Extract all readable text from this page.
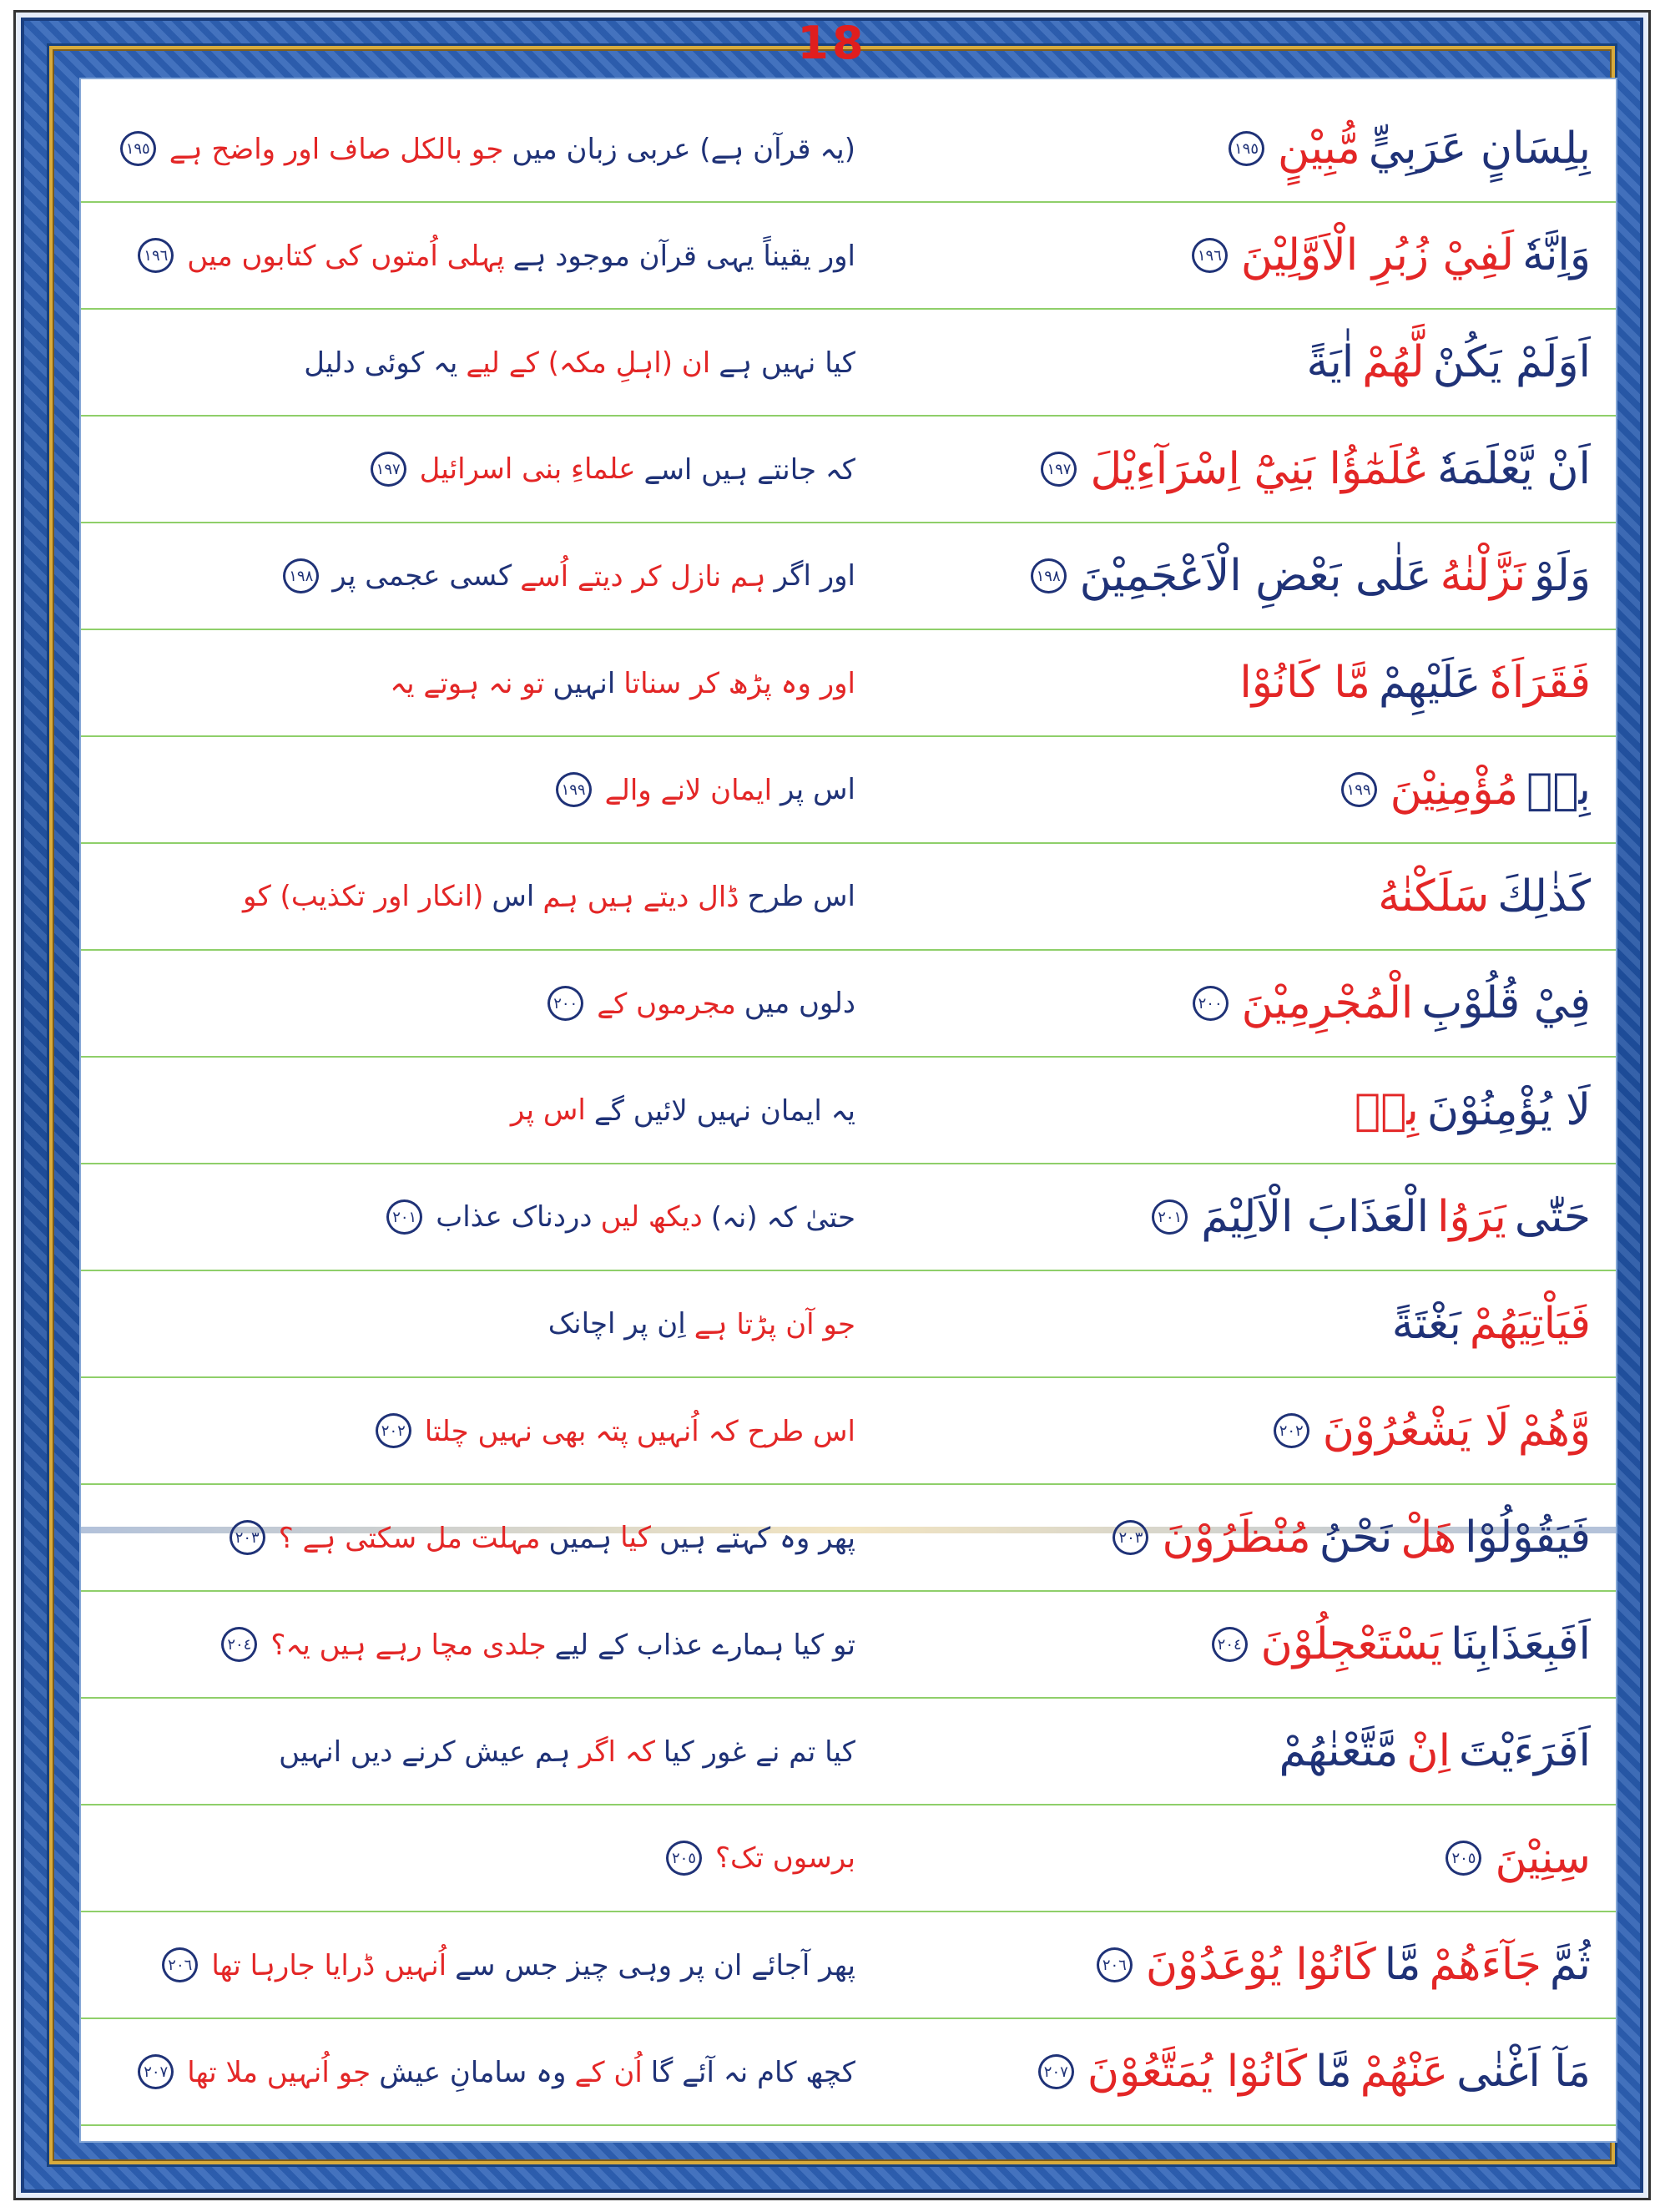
18
بِلِسَانٍ عَرَبِيٍّ
مُّبِيْنٍ
١٩٥
(یہ قرآن ہے) عربی زبان میں
جو بالکل صاف اور واضح ہے
١٩٥
وَاِنَّهٗ
لَفِيْ زُبُرِ الْاَوَّلِيْنَ
١٩٦
اور یقیناً یہی قرآن موجود ہے
پہلی اُمتوں کی کتابوں میں
١٩٦
اَوَلَمْ يَكُنْ
لَّهُمْ
اٰيَةً
کیا نہیں ہے
ان (اہلِ مکہ) کے لیے
یہ کوئی دلیل
اَنْ يَّعْلَمَهٗ
عُلَمٰٓؤُا بَنِيْٓ اِسْرَآءِيْلَ
١٩٧
کہ جانتے ہیں اسے
علماءِ بنی اسرائیل
١٩٧
وَلَوْ
نَزَّلْنٰهُ
عَلٰى بَعْضِ الْاَعْجَمِيْنَ
١٩٨
اور اگر
ہم نازل کر دیتے اُسے
کسی عجمی پر
١٩٨
فَقَرَاَهٗ
عَلَيْهِمْ
مَّا كَانُوْا
اور وہ پڑھ کر سناتا
انہیں
تو نہ ہوتے یہ
بِهٖ
مُؤْمِنِيْنَ
١٩٩
اس پر
ایمان لانے والے
١٩٩
كَذٰلِكَ
سَلَكْنٰهُ
اس طرح
ڈال دیتے ہیں ہم
اس
(انکار اور تکذیب) کو
فِيْ قُلُوْبِ
الْمُجْرِمِيْنَ
٢٠٠
دلوں میں
مجرموں کے
٢٠٠
لَا يُؤْمِنُوْنَ
بِهٖ
یہ ایمان نہیں لائیں گے
اس پر
حَتّٰى
يَرَوُا
الْعَذَابَ الْاَلِيْمَ
٢٠١
حتیٰ کہ (نہ)
دیکھ لیں
دردناک عذاب
٢٠١
فَيَاْتِيَهُمْ
بَغْتَةً
جو آن پڑتا ہے
اِن پر اچانک
وَّهُمْ
لَا يَشْعُرُوْنَ
٢٠٢
اس طرح کہ اُنہیں
پتہ بھی نہیں چلتا
٢٠٢
فَيَقُوْلُوْا
هَلْ
نَحْنُ
مُنْظَرُوْنَ
٢٠٣
پھر وہ کہتے ہیں
کیا
ہمیں
مہلت مل سکتی ہے ؟
٢٠٣
اَفَبِعَذَابِنَا
يَسْتَعْجِلُوْنَ
٢٠٤
تو کیا ہمارے عذاب کے لیے
جلدی مچا رہے ہیں یہ؟
٢٠٤
اَفَرَءَيْتَ
اِنْ
مَّتَّعْنٰهُمْ
کیا تم نے غور کیا
کہ اگر
ہم عیش کرنے دیں انہیں
سِنِيْنَ
٢٠٥
برسوں تک؟
٢٠٥
ثُمَّ
جَآءَهُمْ
مَّا
كَانُوْا يُوْعَدُوْنَ
٢٠٦
پھر آجائے ان پر وہی چیز جس سے
اُنہیں ڈرایا جارہا تھا
٢٠٦
مَآ اَغْنٰى
عَنْهُمْ
مَّا
كَانُوْا يُمَتَّعُوْنَ
٢٠٧
کچھ کام نہ آئے گا
اُن کے
وہ سامانِ عیش
جو اُنہیں ملا تھا
٢٠٧
